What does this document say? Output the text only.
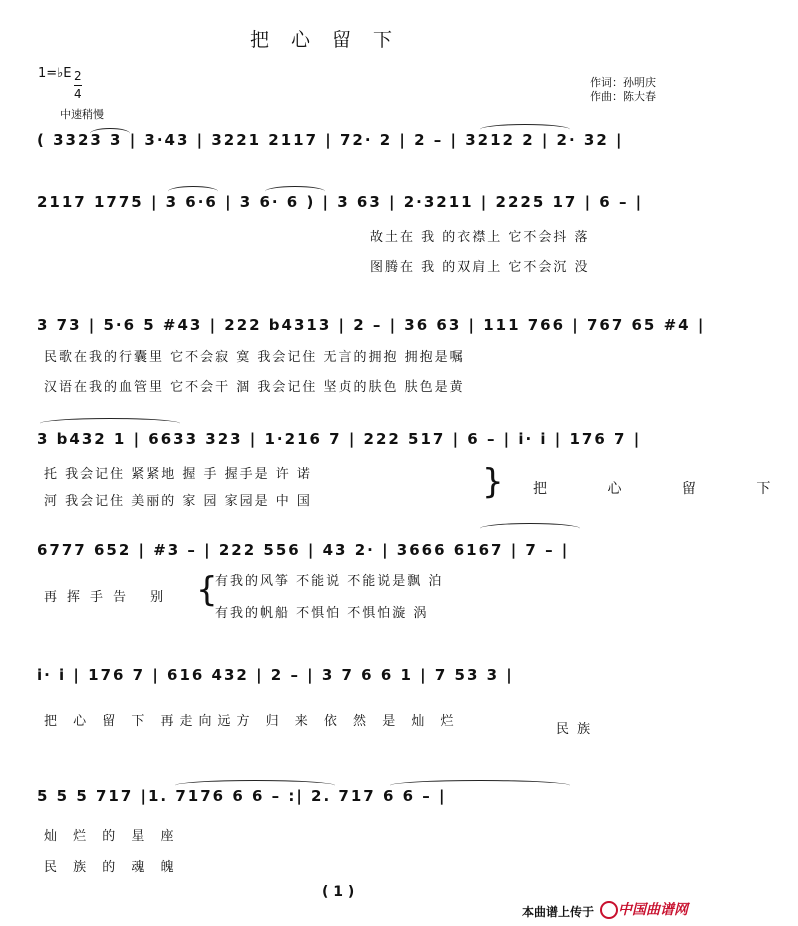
把心留下
1=♭E 2
4
中速稍慢
作词：孙明庆
作曲：陈大春
( 3323 3 | 3·43 | 3221 2117 | 72· 2 | 2 – | 3212 2 | 2· 32 |
2117 1775 | 3 6·6 | 3 6· 6 ) | 3 63 | 2·3211 | 2225 17 | 6 – |
故土在 我 的衣襟上 它不会抖 落
图腾在 我 的双肩上 它不会沉 没
3 73 | 5·6 5 #43 | 222 b4313 | 2 – | 36 63 | 111 766 | 767 65 #4 |
民歌在我的行囊里 它不会寂 寞 我会记住 无言的拥抱 拥抱是嘱
汉语在我的血管里 它不会干 涸 我会记住 坚贞的肤色 肤色是黄
3 b432 1 | 6633 323 | 1·216 7 | 222 517 | 6 – | i· i | 176 7 |
托 我会记住 紧紧地 握 手 握手是 许 诺
河 我会记住 美丽的 家 园 家园是 中 国	} 把 心 留 下
6777 652 | #3 – | 222 556 | 43 2· | 3666 6167 | 7 – |
再挥手告 别 {
有我的风筝 不能说 不能说是飘 泊
有我的帆船 不惧怕 不惧怕漩 涡
i· i | 176 7 | 616 432 | 2 – | 3 7 6 6 1 | 7 53 3 |
把 心 留 下 再走向远方 归 来 依 然 是 灿 烂
民 族
5 5 5 717 |1. 7176 6 6 – :| 2. 717 6 6 – |
灿 烂 的 星 座
民 族 的 魂 魄
( 1 )
本曲谱上传于	中国曲谱网
